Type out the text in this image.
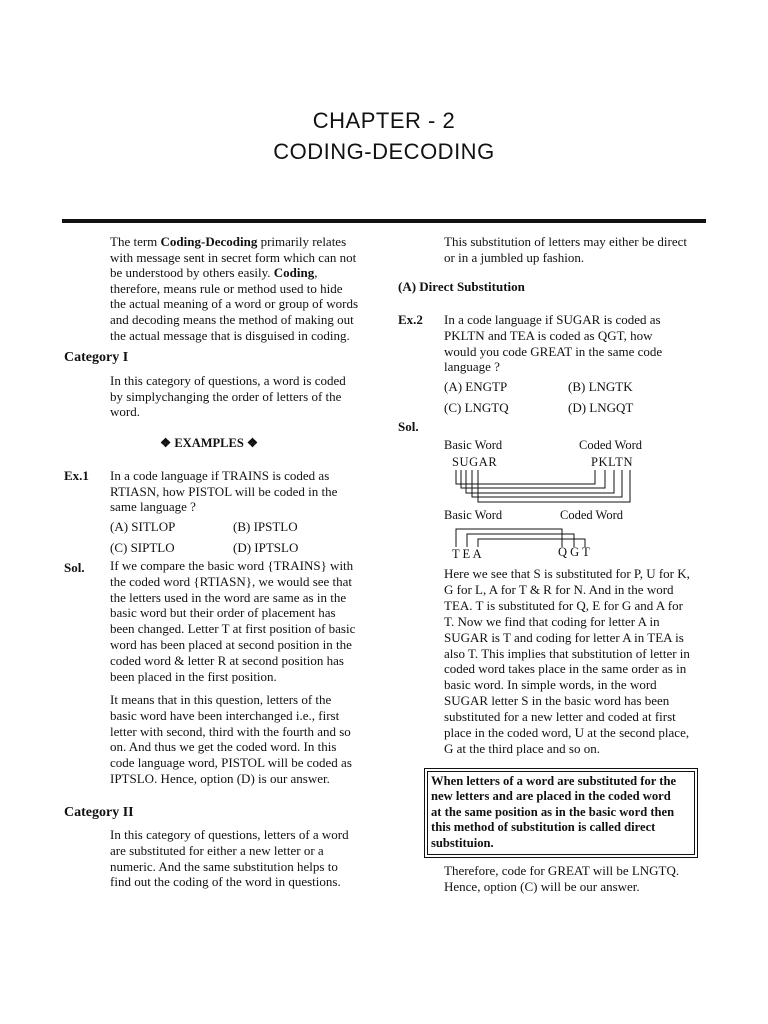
CHAPTER - 2
CODING-DECODING

The term Coding-Decoding primarily relates

with message sent in secret form which can not

be understood by others easily. Coding,

therefore, means rule or method used to hide

the actual meaning of a word or group of words

and decoding means the method of making out

the actual message that is disguised in coding.

Category I

In this category of questions, a word is coded

by simplychanging the order of letters of the

word.

❖ EXAMPLES ❖
Ex.1 In a code language if TRAINS is coded as

RTIASN, how PISTOL will be coded in the

same language ?

(A) SITLOP	(B) IPSTLO
(C) SIPTLO	(D) IPTSLO
Sol. If we compare the basic word {TRAINS} with

the coded word {RTIASN}, we would see that

the letters used in the word are same as in the

basic word but their order of placement has

been changed. Letter T at first position of basic

word has been placed at second position in the

coded word & letter R at second position has

been placed in the first position.

It means that in this question, letters of the

basic word have been interchanged i.e., first

letter with second, third with the fourth and so

on. And thus we get the coded word. In this

code language word, PISTOL will be coded as

IPTSLO. Hence, option (D) is our answer.

Category II

In this category of questions, letters of a word

are substituted for either a new letter or a

numeric. And the same substitution helps to

find out the coding of the word in questions.

This substitution of letters may either be direct

or in a jumbled up fashion.

(A) Direct Substitution
Ex.2 In a code language if SUGAR is coded as

PKLTN and TEA is coded as QGT, how

would you code GREAT in the same code

language ?

(A) ENGTP	(B) LNGTK
(C) LNGTQ	(D) LNGQT
Sol.
Basic Word	Coded Word
SUGAR	PKLTN
Basic Word	Coded Word
T E A	Q G T

Here we see that S is substituted for P, U for K,

G for L, A for T & R for N. And in the word

TEA. T is substituted for Q, E for G and A for

T. Now we find that coding for letter A in

SUGAR is T and coding for letter A in TEA is

also T. This implies that substitution of letter in

coded word takes place in the same order as in

basic word. In simple words, in the word

SUGAR letter S in the basic word has been

substituted for a new letter and coded at first

place in the coded word, U at the second place,

G at the third place and so on.

When letters of a word are substituted for the

new letters and are placed in the coded word

at the same position as in the basic word then

this method of substitution is called direct

substituion.

Therefore, code for GREAT will be LNGTQ.

Hence, option (C) will be our answer.
